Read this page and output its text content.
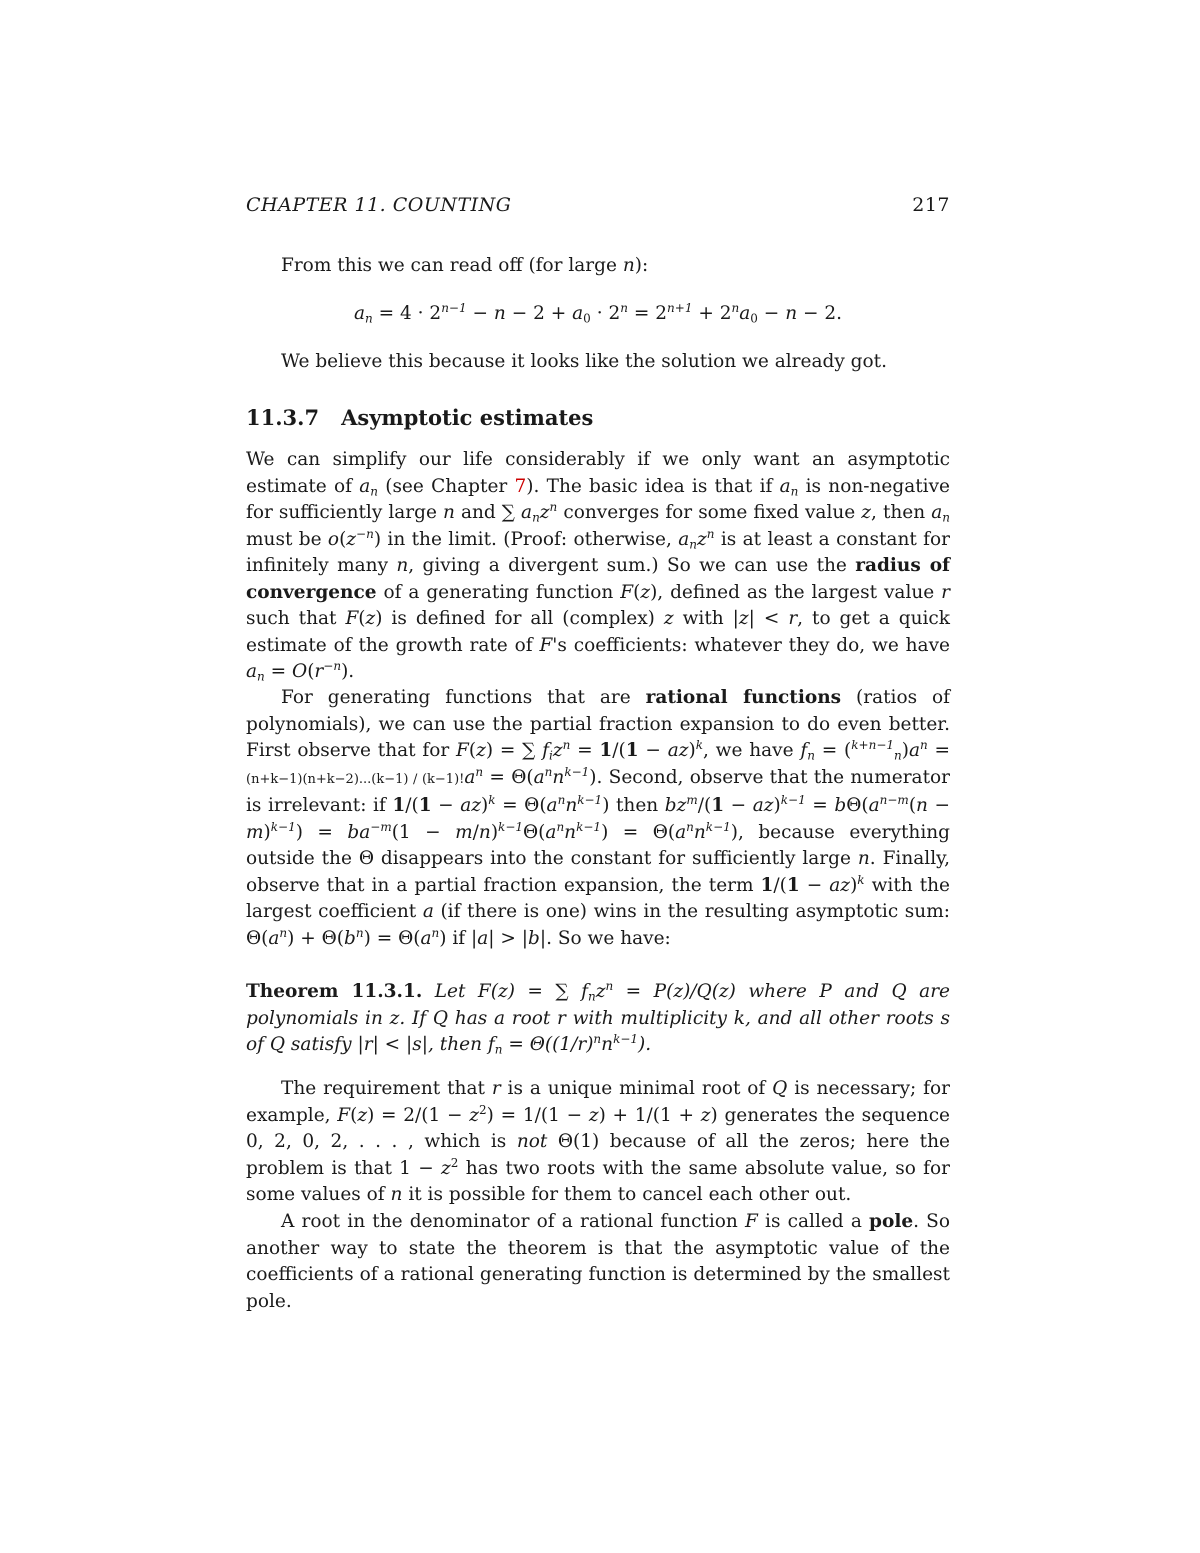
CHAPTER 11. COUNTING	217
From this we can read off (for large n):
$a_n = 4 \cdot 2^{n-1} - n - 2 + a_0 \cdot 2^n = 2^{n+1} + 2^na_0 - n - 2$.
We believe this because it looks like the solution we already got.
11.3.7 Asymptotic estimates
We can simplify our life considerably if we only want an asymptotic estimate of $a_n$ (see Chapter 7). The basic idea is that if $a_n$ is non-negative for sufficiently large n and ∑ $a_nz^n$ converges for some fixed value z, then $a_n$ must be $o(z^{-n})$ in the limit. (Proof: otherwise, $a_nz^n$ is at least a constant for infinitely many n, giving a divergent sum.) So we can use the radius of convergence of a generating function F(z), defined as the largest value r such that F(z) is defined for all (complex) z with |z| < r, to get a quick estimate of the growth rate of F's coefficients: whatever they do, we have $a_n = O(r^{-n})$.
For generating functions that are rational functions (ratios of polynomials), we can use the partial fraction expansion to do even better. First observe that for F(z) = ∑ $f_iz^n = 1/(1 - az)^k$, we have $f_n = (^{k+n-1}_n)a^n = (n+k-1)(n+k-2)...(k-1) / (k-1)!a^n = \Theta(a^nn^{k-1})$. Second, observe that the numerator is irrelevant: if $1/(1 - az)^k = \Theta(a^nn^{k-1})$ then $bz^m/(1 - az)^{k-1} = b\Theta(a^{n-m}(n - m)^{k-1}) = ba^{-m}(1 - m/n)^{k-1}\Theta(a^nn^{k-1}) = \Theta(a^nn^{k-1})$, because everything outside the Θ disappears into the constant for sufficiently large n. Finally, observe that in a partial fraction expansion, the term 1/(1 − az)$^k$ with the largest coefficient a (if there is one) wins in the resulting asymptotic sum: $\Theta(a^n) + \Theta(b^n) = \Theta(a^n)$ if |a| > |b|. So we have:
Theorem 11.3.1. Let F(z) = ∑ $f_nz^n = P(z)/Q(z)$ where P and Q are polynomials in z. If Q has a root r with multiplicity k, and all other roots s of Q satisfy |r| < |s|, then $f_n = \Theta((1/r)^nn^{k-1})$.
The requirement that r is a unique minimal root of Q is necessary; for example, $F(z) = 2/(1 - z^2) = 1/(1 - z) + 1/(1 + z)$ generates the sequence 0, 2, 0, 2, . . . , which is not Θ(1) because of all the zeros; here the problem is that $1 - z^2$ has two roots with the same absolute value, so for some values of n it is possible for them to cancel each other out.
A root in the denominator of a rational function F is called a pole. So another way to state the theorem is that the asymptotic value of the coefficients of a rational generating function is determined by the smallest pole.
